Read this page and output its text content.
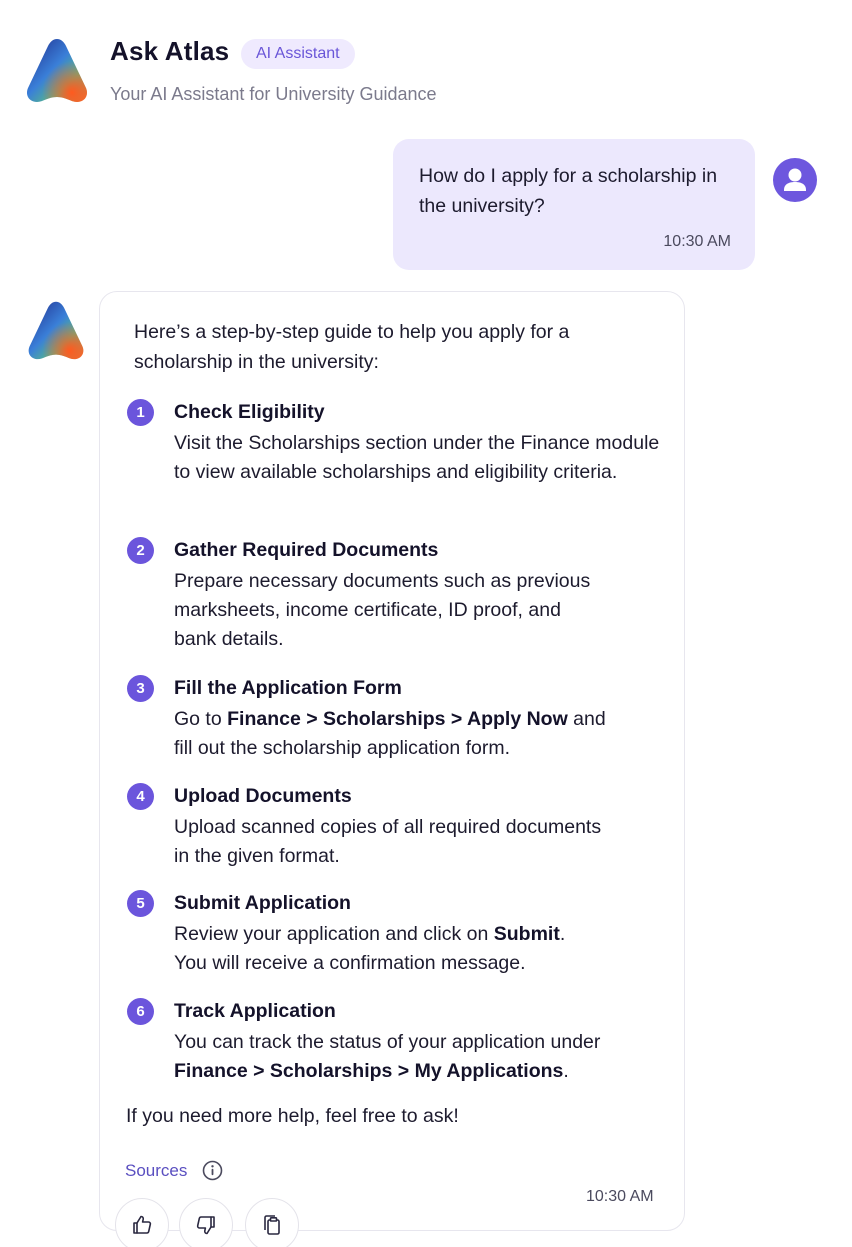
Ask Atlas	AI Assistant
Your AI Assistant for University Guidance
How do I apply for a scholarship in the university?
10:30 AM
Here’s a step-by-step guide to help you apply for a scholarship in the university:
1	Check Eligibility
Visit the Scholarships section under the Finance module to view available scholarships and eligibility criteria.
2	Gather Required Documents
Prepare necessary documents such as previous
marksheets, income certificate, ID proof, and
bank details.
3	Fill the Application Form
Go to Finance > Scholarships > Apply Now and
fill out the scholarship application form.
4	Upload Documents
Upload scanned copies of all required documents
in the given format.
5	Submit Application
Review your application and click on Submit.
You will receive a confirmation message.
6	Track Application
You can track the status of your application under
Finance > Scholarships > My Applications.
If you need more help, feel free to ask!
Sources
10:30 AM
